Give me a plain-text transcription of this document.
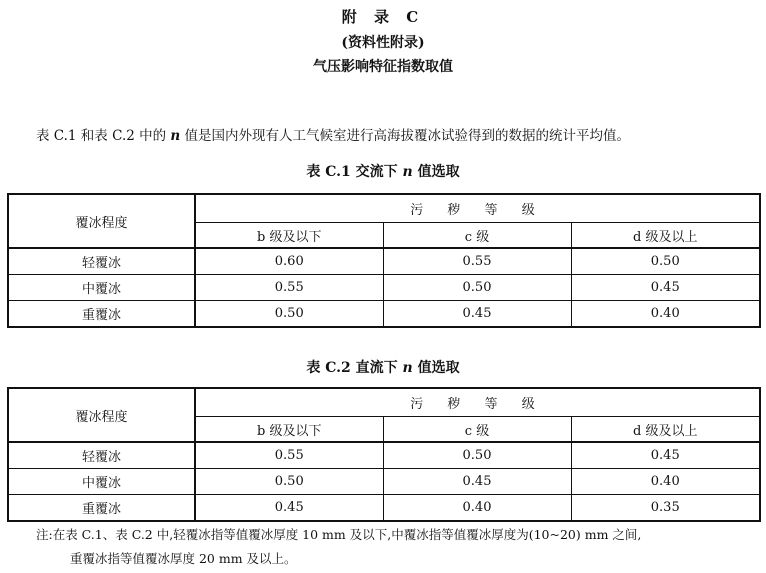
附 录 C
(资料性附录)
气压影响特征指数取值
表 C.1 和表 C.2 中的 n 值是国内外现有人工气候室进行高海拔覆冰试验得到的数据的统计平均值。
表 C.1 交流下 n 值选取
覆冰程度	污 秽 等 级		
	b 级及以下	c 级	d 级及以上
轻覆冰	0.60	0.55	0.50
中覆冰	0.55	0.50	0.45
重覆冰	0.50	0.45	0.40
表 C.2 直流下 n 值选取
覆冰程度	污 秽 等 级		
	b 级及以下	c 级	d 级及以上
轻覆冰	0.55	0.50	0.45
中覆冰	0.50	0.45	0.40
重覆冰	0.45	0.40	0.35
注:在表 C.1、表 C.2 中,轻覆冰指等值覆冰厚度 10 mm 及以下,中覆冰指等值覆冰厚度为(10~20) mm 之间,
重覆冰指等值覆冰厚度 20 mm 及以上。
